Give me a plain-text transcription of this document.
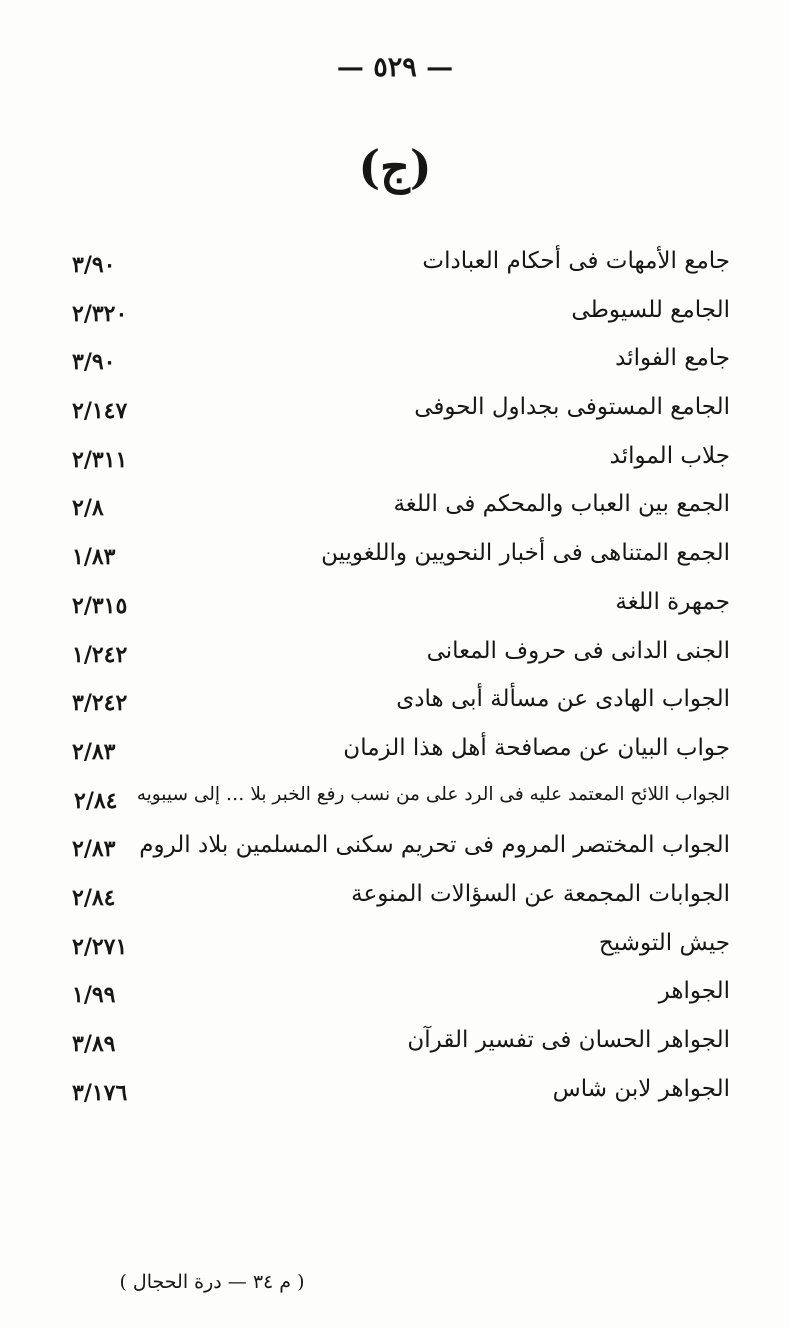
— ٥٢٩ —
(ج)
جامع الأمهات فى أحكام العبادات
٣/٩٠
الجامع للسيوطى
٢/٣٢٠
جامع الفوائد
٣/٩٠
الجامع المستوفى بجداول الحوفى
٢/١٤٧
جلاب الموائد
٢/٣١١
الجمع بين العباب والمحكم فى اللغة
٢/٨
الجمع المتناهى فى أخبار النحويين واللغويين
١/٨٣
جمهرة اللغة
٢/٣١٥
الجنى الدانى فى حروف المعانى
١/٢٤٢
الجواب الهادى عن مسألة أبى هادى
٣/٢٤٢
جواب البيان عن مصافحة أهل هذا الزمان
٢/٨٣
الجواب اللائح المعتمد عليه فى الرد على من نسب رفع الخبر بلا … إلى سيبويه
٢/٨٤
الجواب المختصر المروم فى تحريم سكنى المسلمين بلاد الروم
٢/٨٣
الجوابات المجمعة عن السؤالات المنوعة
٢/٨٤
جيش التوشيح
٢/٢٧١
الجواهر
١/٩٩
الجواهر الحسان فى تفسير القرآن
٣/٨٩
الجواهر لابن شاس
٣/١٧٦
( م ٣٤ — درة الحجال )
